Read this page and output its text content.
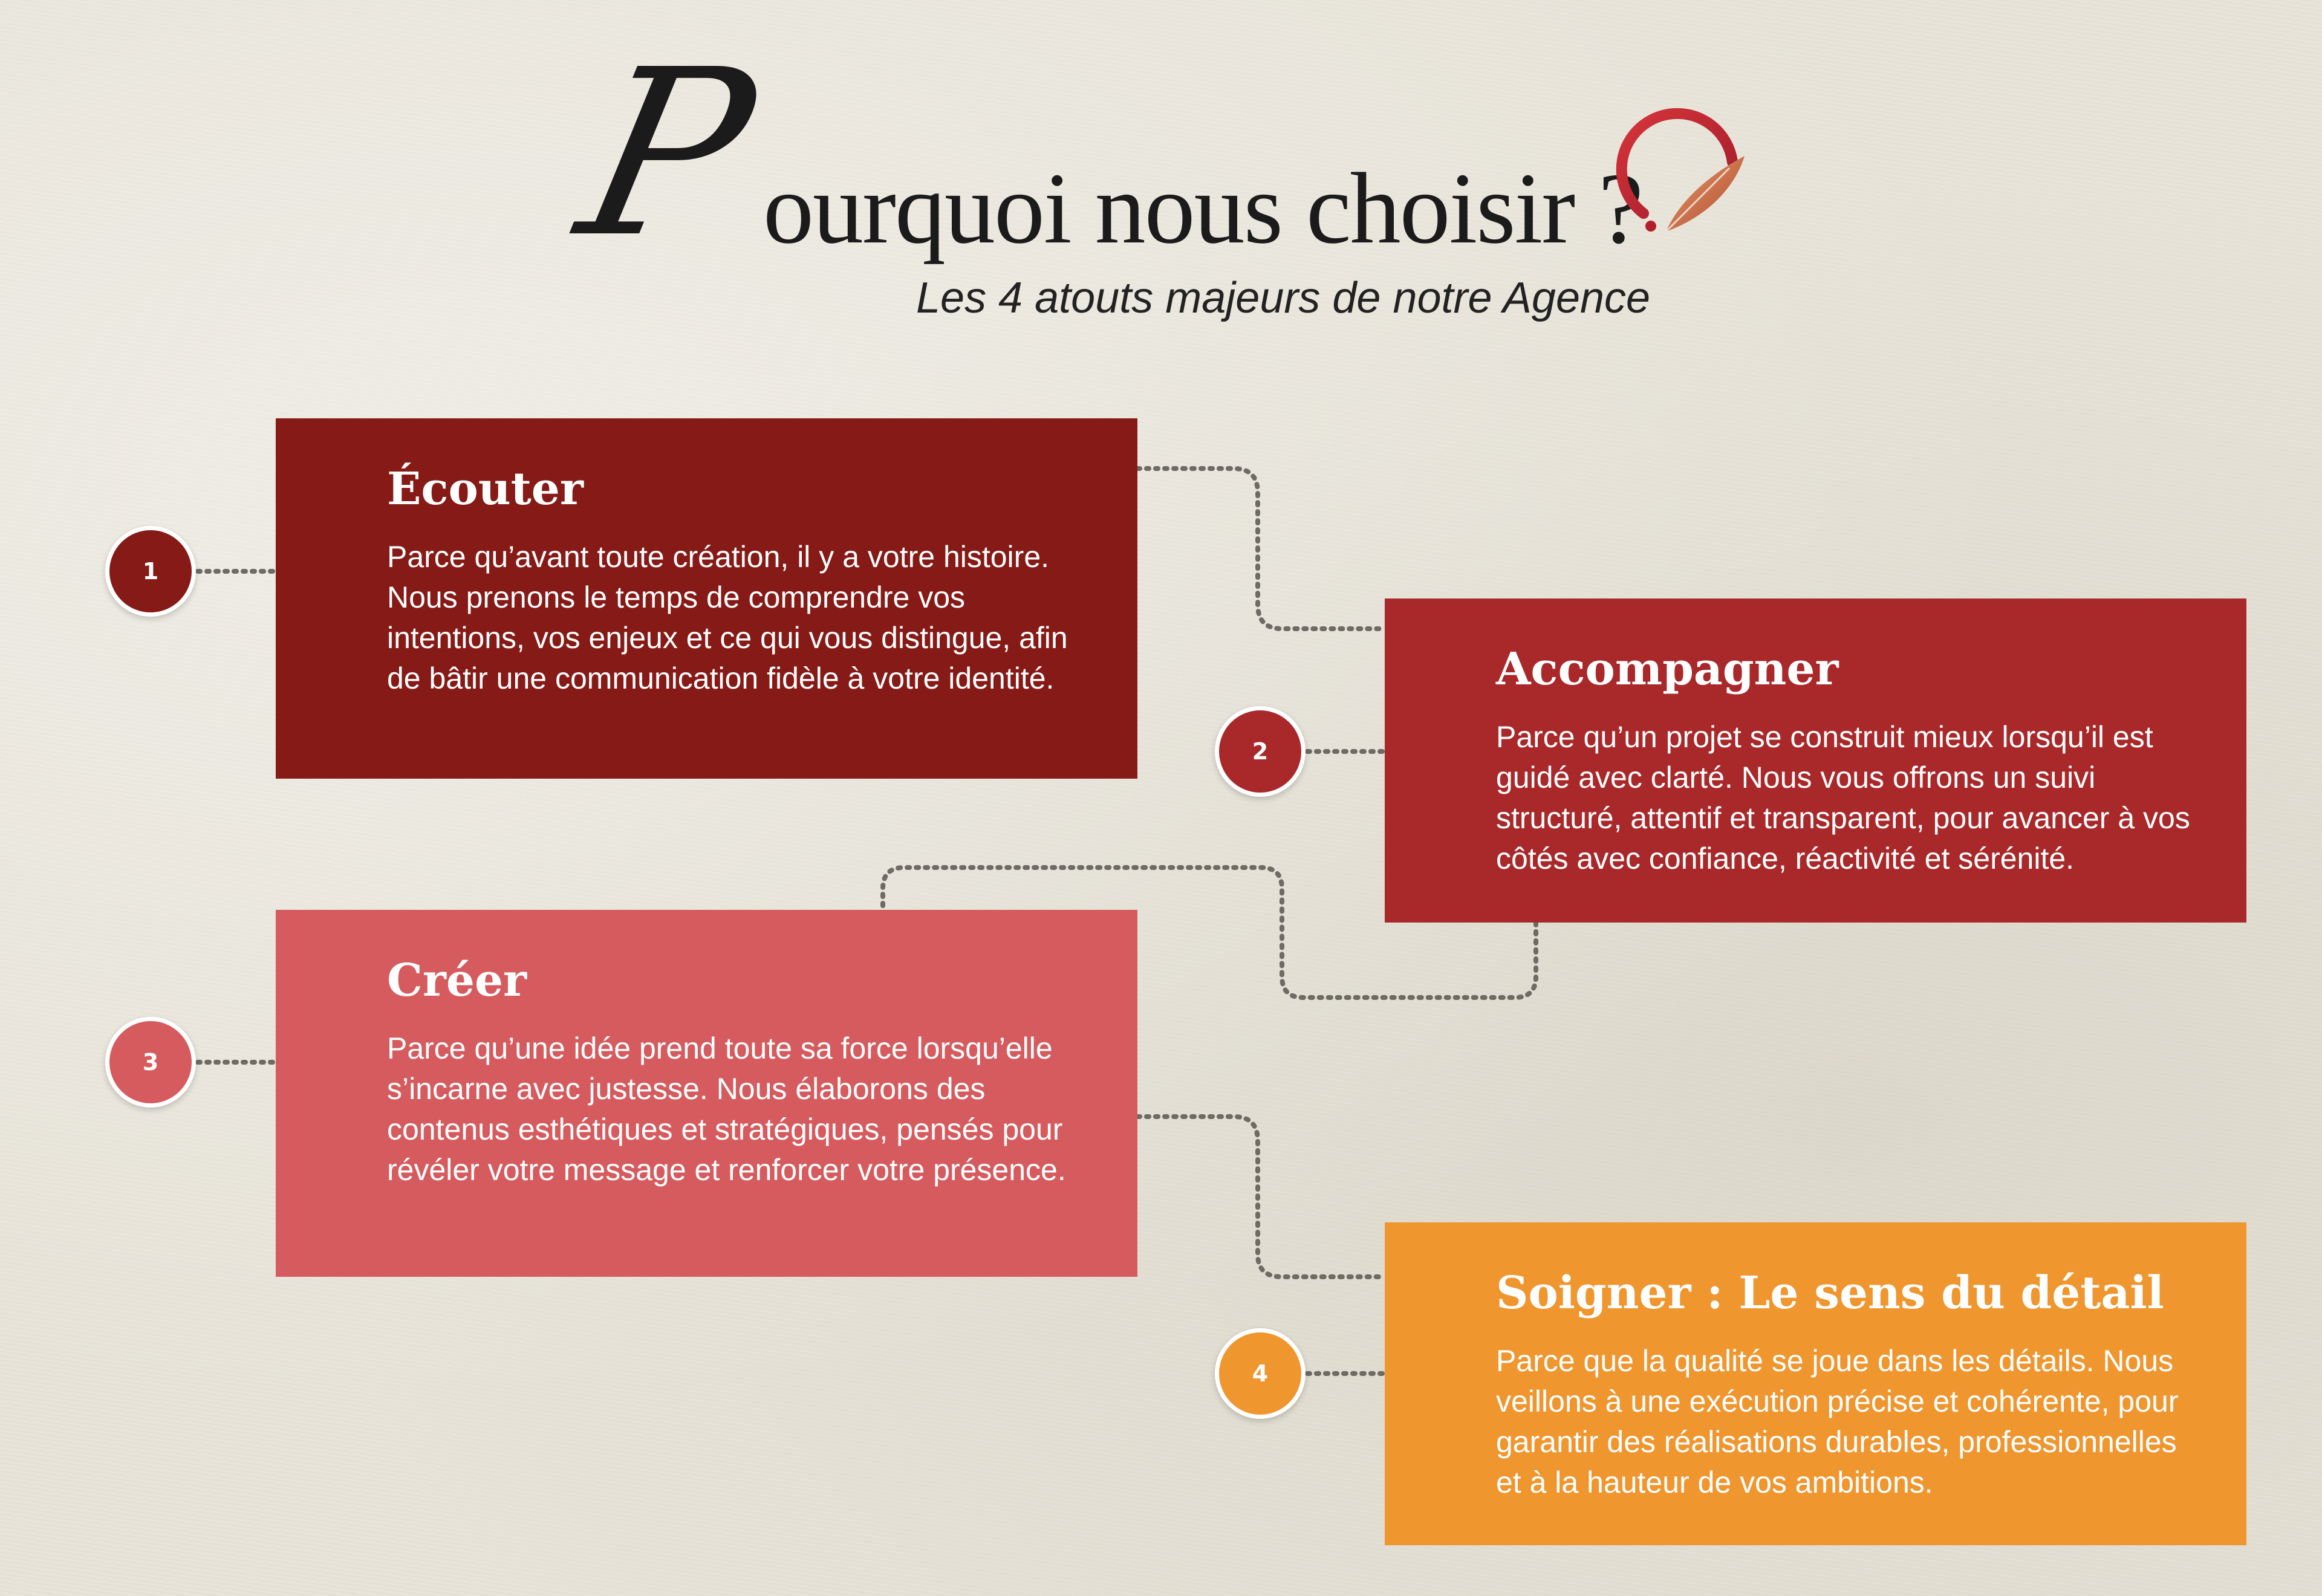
P
ourquoi nous choisir ?
Les 4 atouts majeurs de notre Agence
Écouter

Parce qu’avant toute création, il y a votre histoire. Nous prenons le temps de comprendre vos intentions, vos enjeux et ce qui vous distingue, afin de bâtir une communication fidèle à votre identité.	Accompagner

Parce qu’un projet se construit mieux lorsqu’il est guidé avec clarté. Nous vous offrons un suivi structuré, attentif et transparent, pour avancer à vos côtés avec confiance, réactivité et sérénité.

Créer

Parce qu’une idée prend toute sa force lorsqu’elle s’incarne avec justesse. Nous élaborons des contenus esthétiques et stratégiques, pensés pour révéler votre message et renforcer votre présence.

Soigner : Le sens du détail

Parce que la qualité se joue dans les détails. Nous veillons à une exécution précise et cohérente, pour garantir des réalisations durables, professionnelles et à la hauteur de vos ambitions.

1
2
3
4
